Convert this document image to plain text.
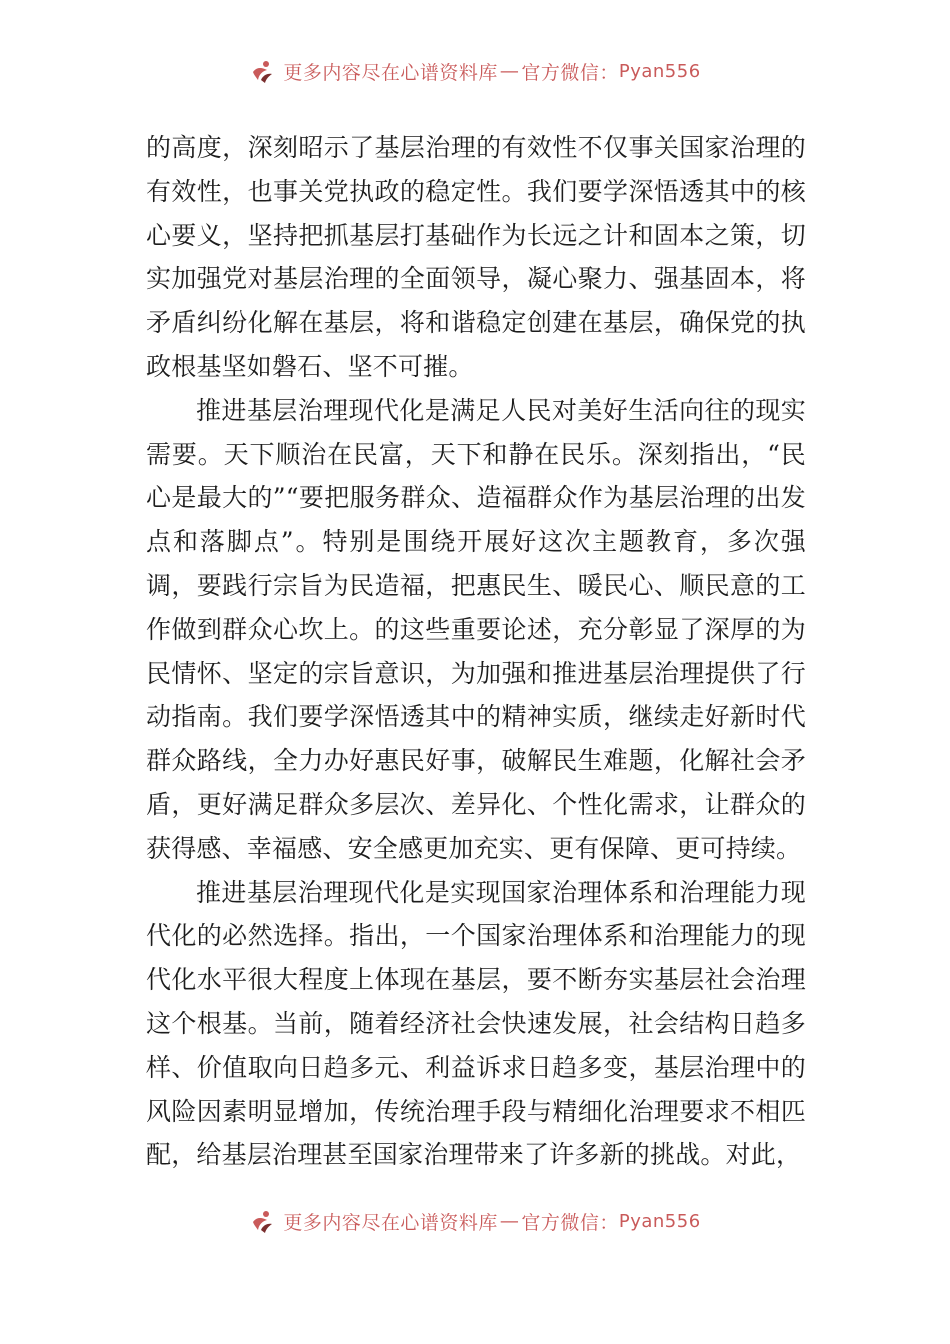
更多内容尽在心谱资料库 — 官方微信： Pyan556

的高度，深刻昭示了基层治理的有效性不仅事关国家治理的有效性，也事关党执政的稳定性。我们要学深悟透其中的核心要义，坚持把抓基层打基础作为长远之计和固本之策，切实加强党对基层治理的全面领导，凝心聚力、强基固本，将矛盾纠纷化解在基层，将和谐稳定创建在基层，确保党的执政根基坚如磐石、坚不可摧。

推进基层治理现代化是满足人民对美好生活向往的现实需要。天下顺治在民富，天下和静在民乐。深刻指出，“民心是最大的”“要把服务群众、造福群众作为基层治理的出发点和落脚点”。特别是围绕开展好这次主题教育，多次强调，要践行宗旨为民造福，把惠民生、暖民心、顺民意的工作做到群众心坎上。的这些重要论述，充分彰显了深厚的为民情怀、坚定的宗旨意识，为加强和推进基层治理提供了行动指南。我们要学深悟透其中的精神实质，继续走好新时代群众路线，全力办好惠民好事，破解民生难题，化解社会矛盾，更好满足群众多层次、差异化、个性化需求，让群众的获得感、幸福感、安全感更加充实、更有保障、更可持续。

推进基层治理现代化是实现国家治理体系和治理能力现代化的必然选择。指出，一个国家治理体系和治理能力的现代化水平很大程度上体现在基层，要不断夯实基层社会治理这个根基。当前，随着经济社会快速发展，社会结构日趋多样、价值取向日趋多元、利益诉求日趋多变，基层治理中的风险因素明显增加，传统治理手段与精细化治理要求不相匹配，给基层治理甚至国家治理带来了许多新的挑战。对此，

更多内容尽在心谱资料库 — 官方微信： Pyan556
